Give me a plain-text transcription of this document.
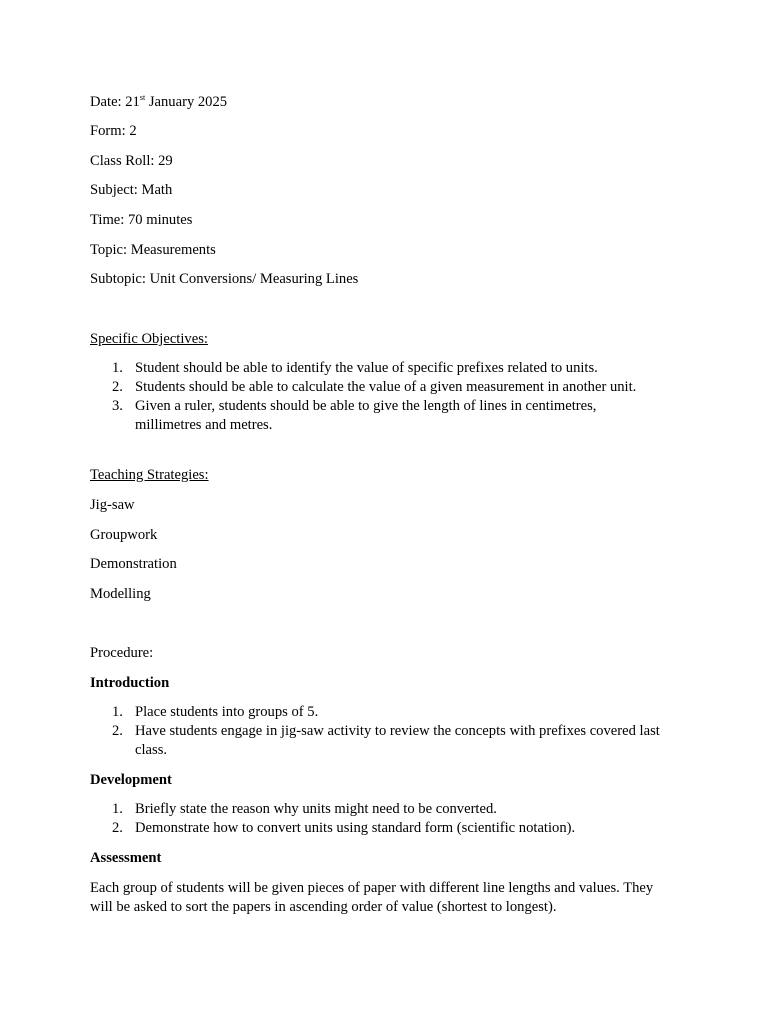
Date: 21st January 2025
Form: 2
Class Roll: 29
Subject: Math
Time: 70 minutes
Topic: Measurements
Subtopic: Unit Conversions/ Measuring Lines
Specific Objectives:
1. Student should be able to identify the value of specific prefixes related to units.
2. Students should be able to calculate the value of a given measurement in another unit.
3. Given a ruler, students should be able to give the length of lines in centimetres,
millimetres and metres.
Teaching Strategies:
Jig-saw
Groupwork
Demonstration
Modelling
Procedure:
Introduction
1. Place students into groups of 5.
2. Have students engage in jig-saw activity to review the concepts with prefixes covered last
class.
Development
1. Briefly state the reason why units might need to be converted.
2. Demonstrate how to convert units using standard form (scientific notation).
Assessment
Each group of students will be given pieces of paper with different line lengths and values. They
will be asked to sort the papers in ascending order of value (shortest to longest).
